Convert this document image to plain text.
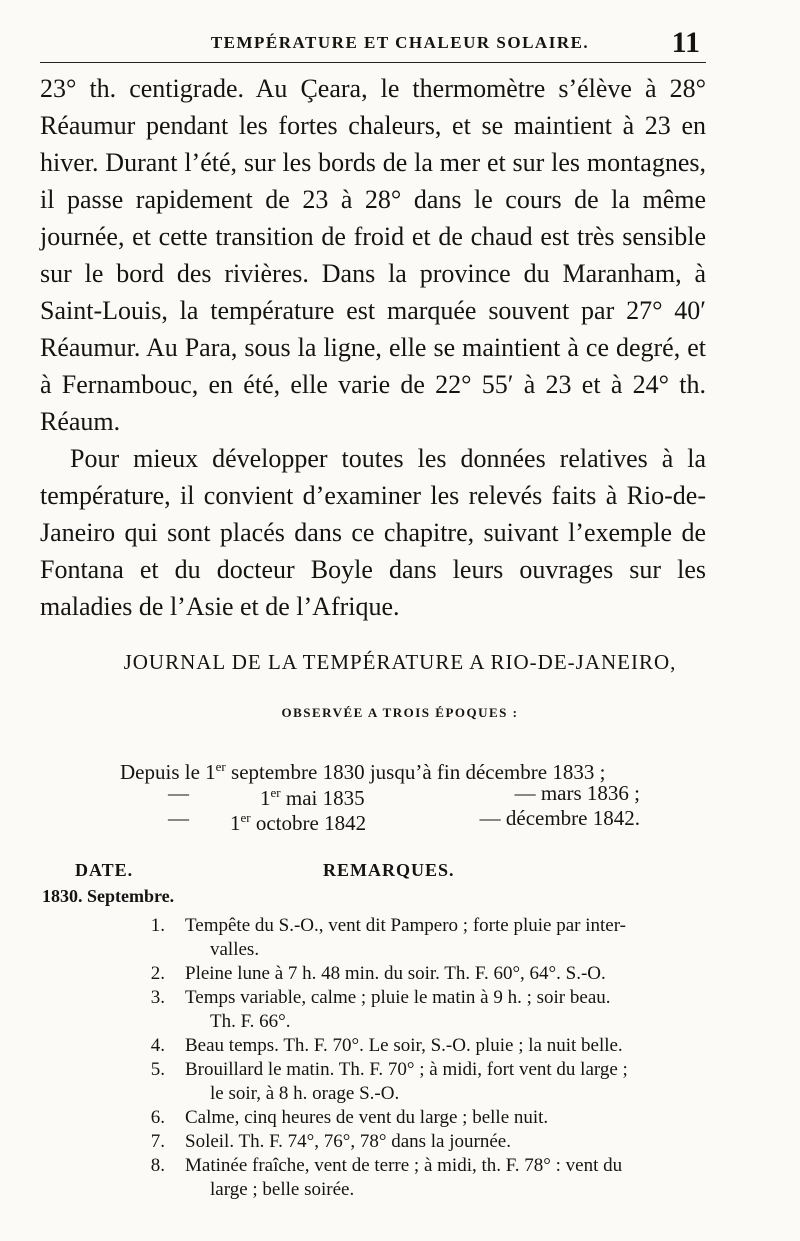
TEMPÉRATURE ET CHALEUR SOLAIRE.	11

23° th. centigrade. Au Çeara, le thermomètre s’élève à 28° Réaumur pendant les fortes chaleurs, et se maintient à 23 en hiver. Durant l’été, sur les bords de la mer et sur les montagnes, il passe rapidement de 23 à 28° dans le cours de la même journée, et cette transition de froid et de chaud est très sensible sur le bord des rivières. Dans la province du Maranham, à Saint-Louis, la température est marquée souvent par 27° 40′ Réaumur. Au Para, sous la ligne, elle se maintient à ce degré, et à Fernambouc, en été, elle varie de 22° 55′ à 23 et à 24° th. Réaum.

Pour mieux développer toutes les données relatives à la température, il convient d’examiner les relevés faits à Rio-de-Janeiro qui sont placés dans ce chapitre, suivant l’exemple de Fontana et du docteur Boyle dans leurs ouvrages sur les maladies de l’Asie et de l’Afrique.

JOURNAL DE LA TEMPÉRATURE A RIO-DE-JANEIRO,
OBSERVÉE A TROIS ÉPOQUES :
Depuis le 1er septembre 1830 jusqu’à fin décembre 1833 ;
—	1er mai 1835	— mars 1836 ;
— 1er octobre 1842	— décembre 1842.
DATE.	REMARQUES.
1830. Septembre.
1. Tempête du S.-O., vent dit Pampero ; forte pluie par inter-
valles.
2. Pleine lune à 7 h. 48 min. du soir. Th. F. 60°, 64°. S.-O.
3. Temps variable, calme ; pluie le matin à 9 h. ; soir beau.
Th. F. 66°.
4. Beau temps. Th. F. 70°. Le soir, S.-O. pluie ; la nuit belle.
5. Brouillard le matin. Th. F. 70° ; à midi, fort vent du large ;
le soir, à 8 h. orage S.-O.
6. Calme, cinq heures de vent du large ; belle nuit.
7. Soleil. Th. F. 74°, 76°, 78° dans la journée.
8. Matinée fraîche, vent de terre ; à midi, th. F. 78° : vent du
large ; belle soirée.
